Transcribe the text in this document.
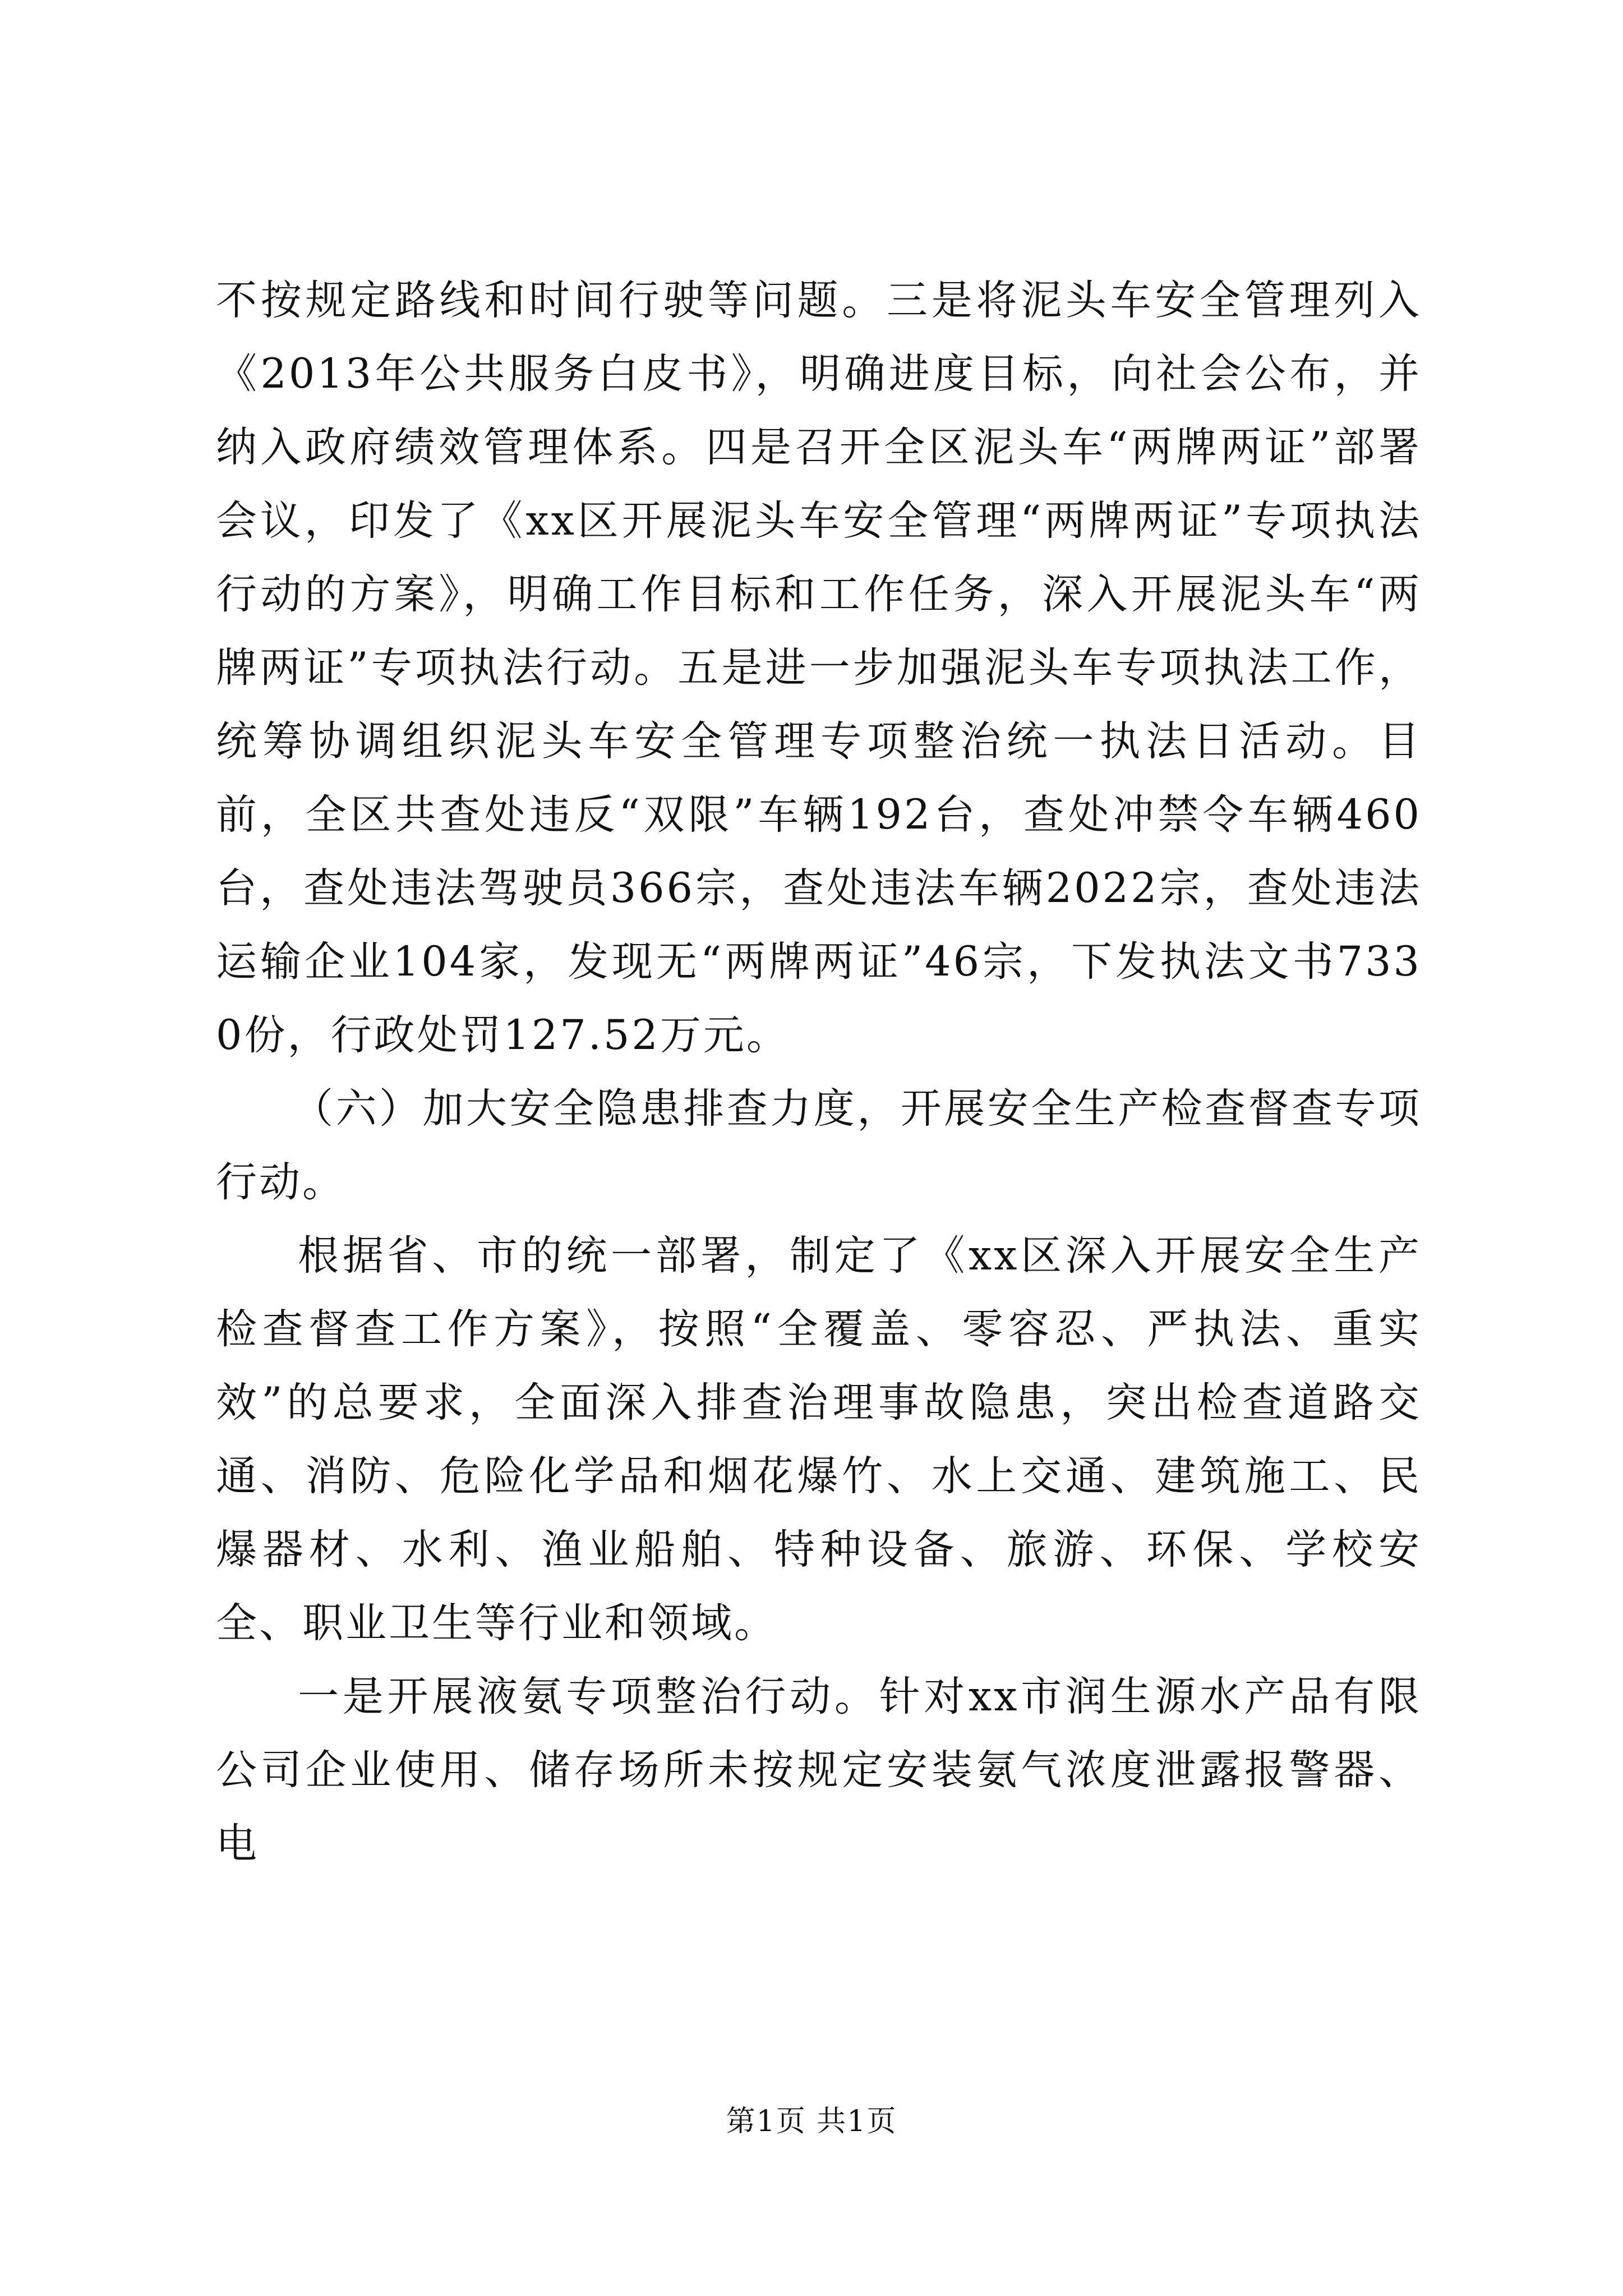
不按规定路线和时间行驶等问题。三是将泥头车安全管理列入《2013年公共服务白皮书》，明确进度目标，向社会公布，并纳入政府绩效管理体系。四是召开全区泥头车“两牌两证”部署会议，印发了《xx区开展泥头车安全管理“两牌两证”专项执法行动的方案》，明确工作目标和工作任务，深入开展泥头车“两牌两证”专项执法行动。五是进一步加强泥头车专项执法工作，统筹协调组织泥头车安全管理专项整治统一执法日活动。目前，全区共查处违反“双限”车辆192台，查处冲禁令车辆460台，查处违法驾驶员366宗，查处违法车辆2022宗，查处违法运输企业104家，发现无“两牌两证”46宗，下发执法文书7330份，行政处罚127.52万元。

（六）加大安全隐患排查力度，开展安全生产检查督查专项行动。

根据省、市的统一部署，制定了《xx区深入开展安全生产检查督查工作方案》，按照“全覆盖、零容忍、严执法、重实效”的总要求，全面深入排查治理事故隐患，突出检查道路交通、消防、危险化学品和烟花爆竹、水上交通、建筑施工、民爆器材、水利、渔业船舶、特种设备、旅游、环保、学校安全、职业卫生等行业和领域。

一是开展液氨专项整治行动。针对xx市润生源水产品有限公司企业使用、储存场所未按规定安装氨气浓度泄露报警器、电

第1页 共1页
